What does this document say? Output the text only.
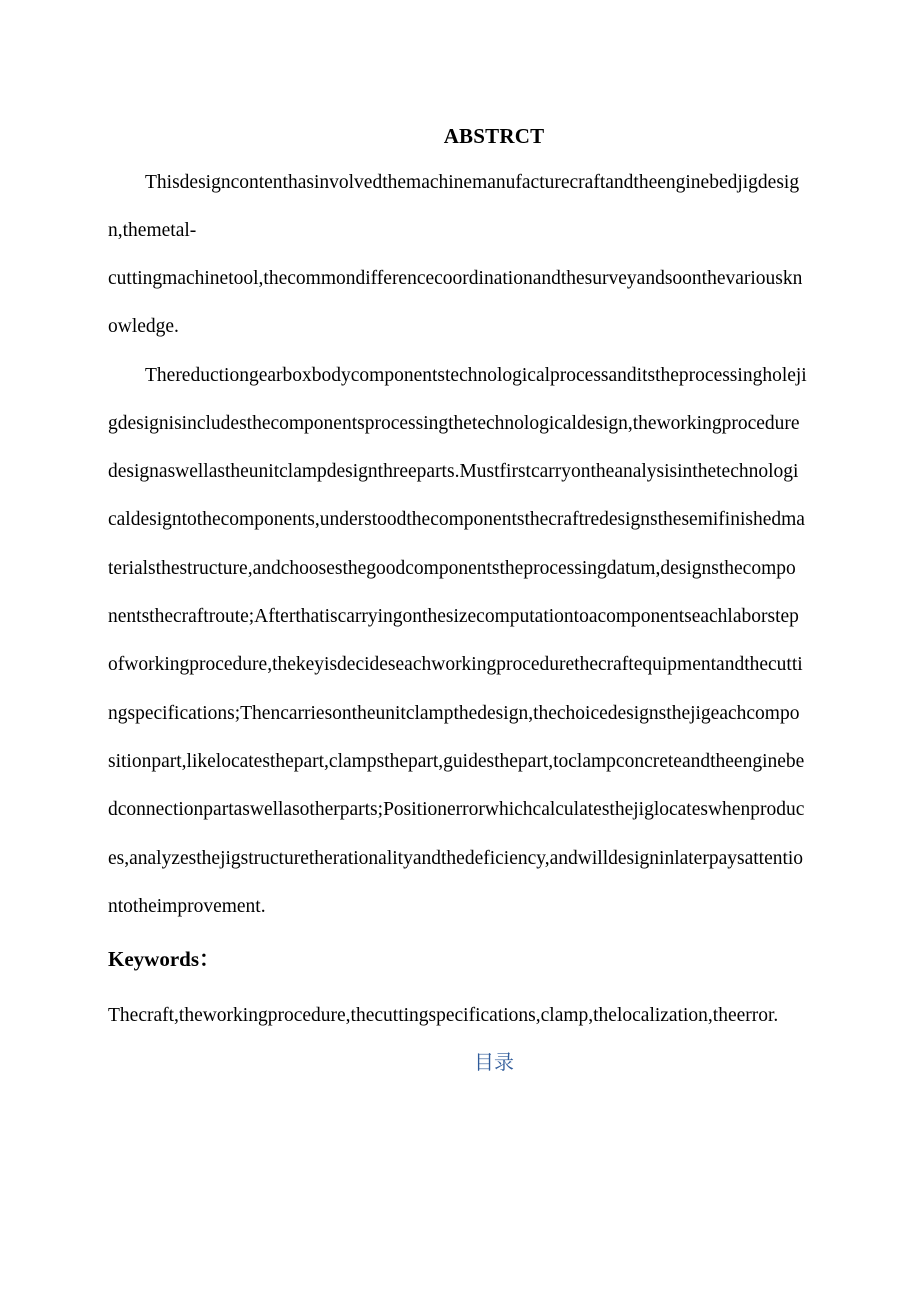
ABSTRCT
Thisdesigncontenthasinvolvedthemachinemanufacturecraftandtheenginebedjigdesig
n,themetal-
cuttingmachinetool,thecommondifferencecoordinationandthesurveyandsoonthevariouskn
owledge.
Thereductiongearboxbodycomponentstechnologicalprocessanditstheprocessingholeji
gdesignisincludesthecomponentsprocessingthetechnologicaldesign,theworkingprocedure
designaswellastheunitclampdesignthreeparts.Mustfirstcarryontheanalysisinthetechnologi
caldesigntothecomponents,understoodthecomponentsthecraftredesignsthesemifinishedma
terialsthestructure,andchoosesthegoodcomponentstheprocessingdatum,designsthecompo
nentsthecraftroute;Afterthatiscarryingonthesizecomputationtoacomponentseachlaborstep
ofworkingprocedure,thekeyisdecideseachworkingprocedurethecraftequipmentandthecutti
ngspecifications;Thencarriesontheunitclampthedesign,thechoicedesignsthejigeachcompo
sitionpart,likelocatesthepart,clampsthepart,guidesthepart,toclampconcreteandtheenginebe
dconnectionpartaswellasotherparts;Positionerrorwhichcalculatesthejiglocateswhenproduc
es,analyzesthejigstructuretherationalityandthedeficiency,andwilldesigninlaterpaysattentio
ntotheimprovement.
Keywords：
Thecraft,theworkingprocedure,thecuttingspecifications,clamp,thelocalization,theerror.
目录
